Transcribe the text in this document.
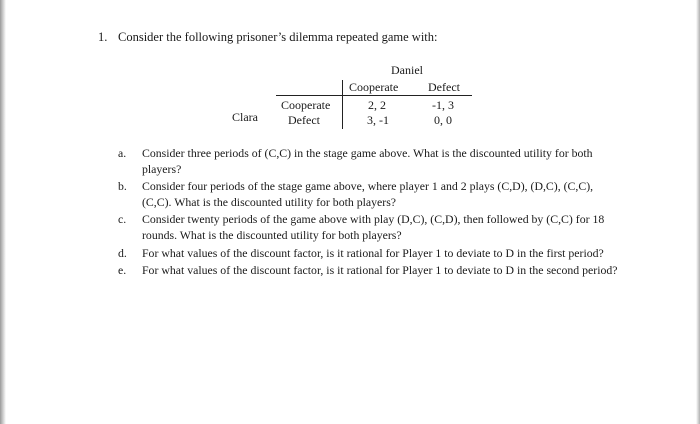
1. Consider the following prisoner’s dilemma repeated game with:
Daniel
Cooperate Defect
Clara
Cooperate
Defect
2, 2	-1, 3
3, -1	0, 0
a. Consider three periods of (C,C) in the stage game above. What is the discounted utility for both players?
b. Consider four periods of the stage game above, where player 1 and 2 plays (C,D), (D,C), (C,C), (C,C). What is the discounted utility for both players?
c. Consider twenty periods of the game above with play (D,C), (C,D), then followed by (C,C) for 18 rounds. What is the discounted utility for both players?
d. For what values of the discount factor, is it rational for Player 1 to deviate to D in the first period?
e. For what values of the discount factor, is it rational for Player 1 to deviate to D in the second period?
